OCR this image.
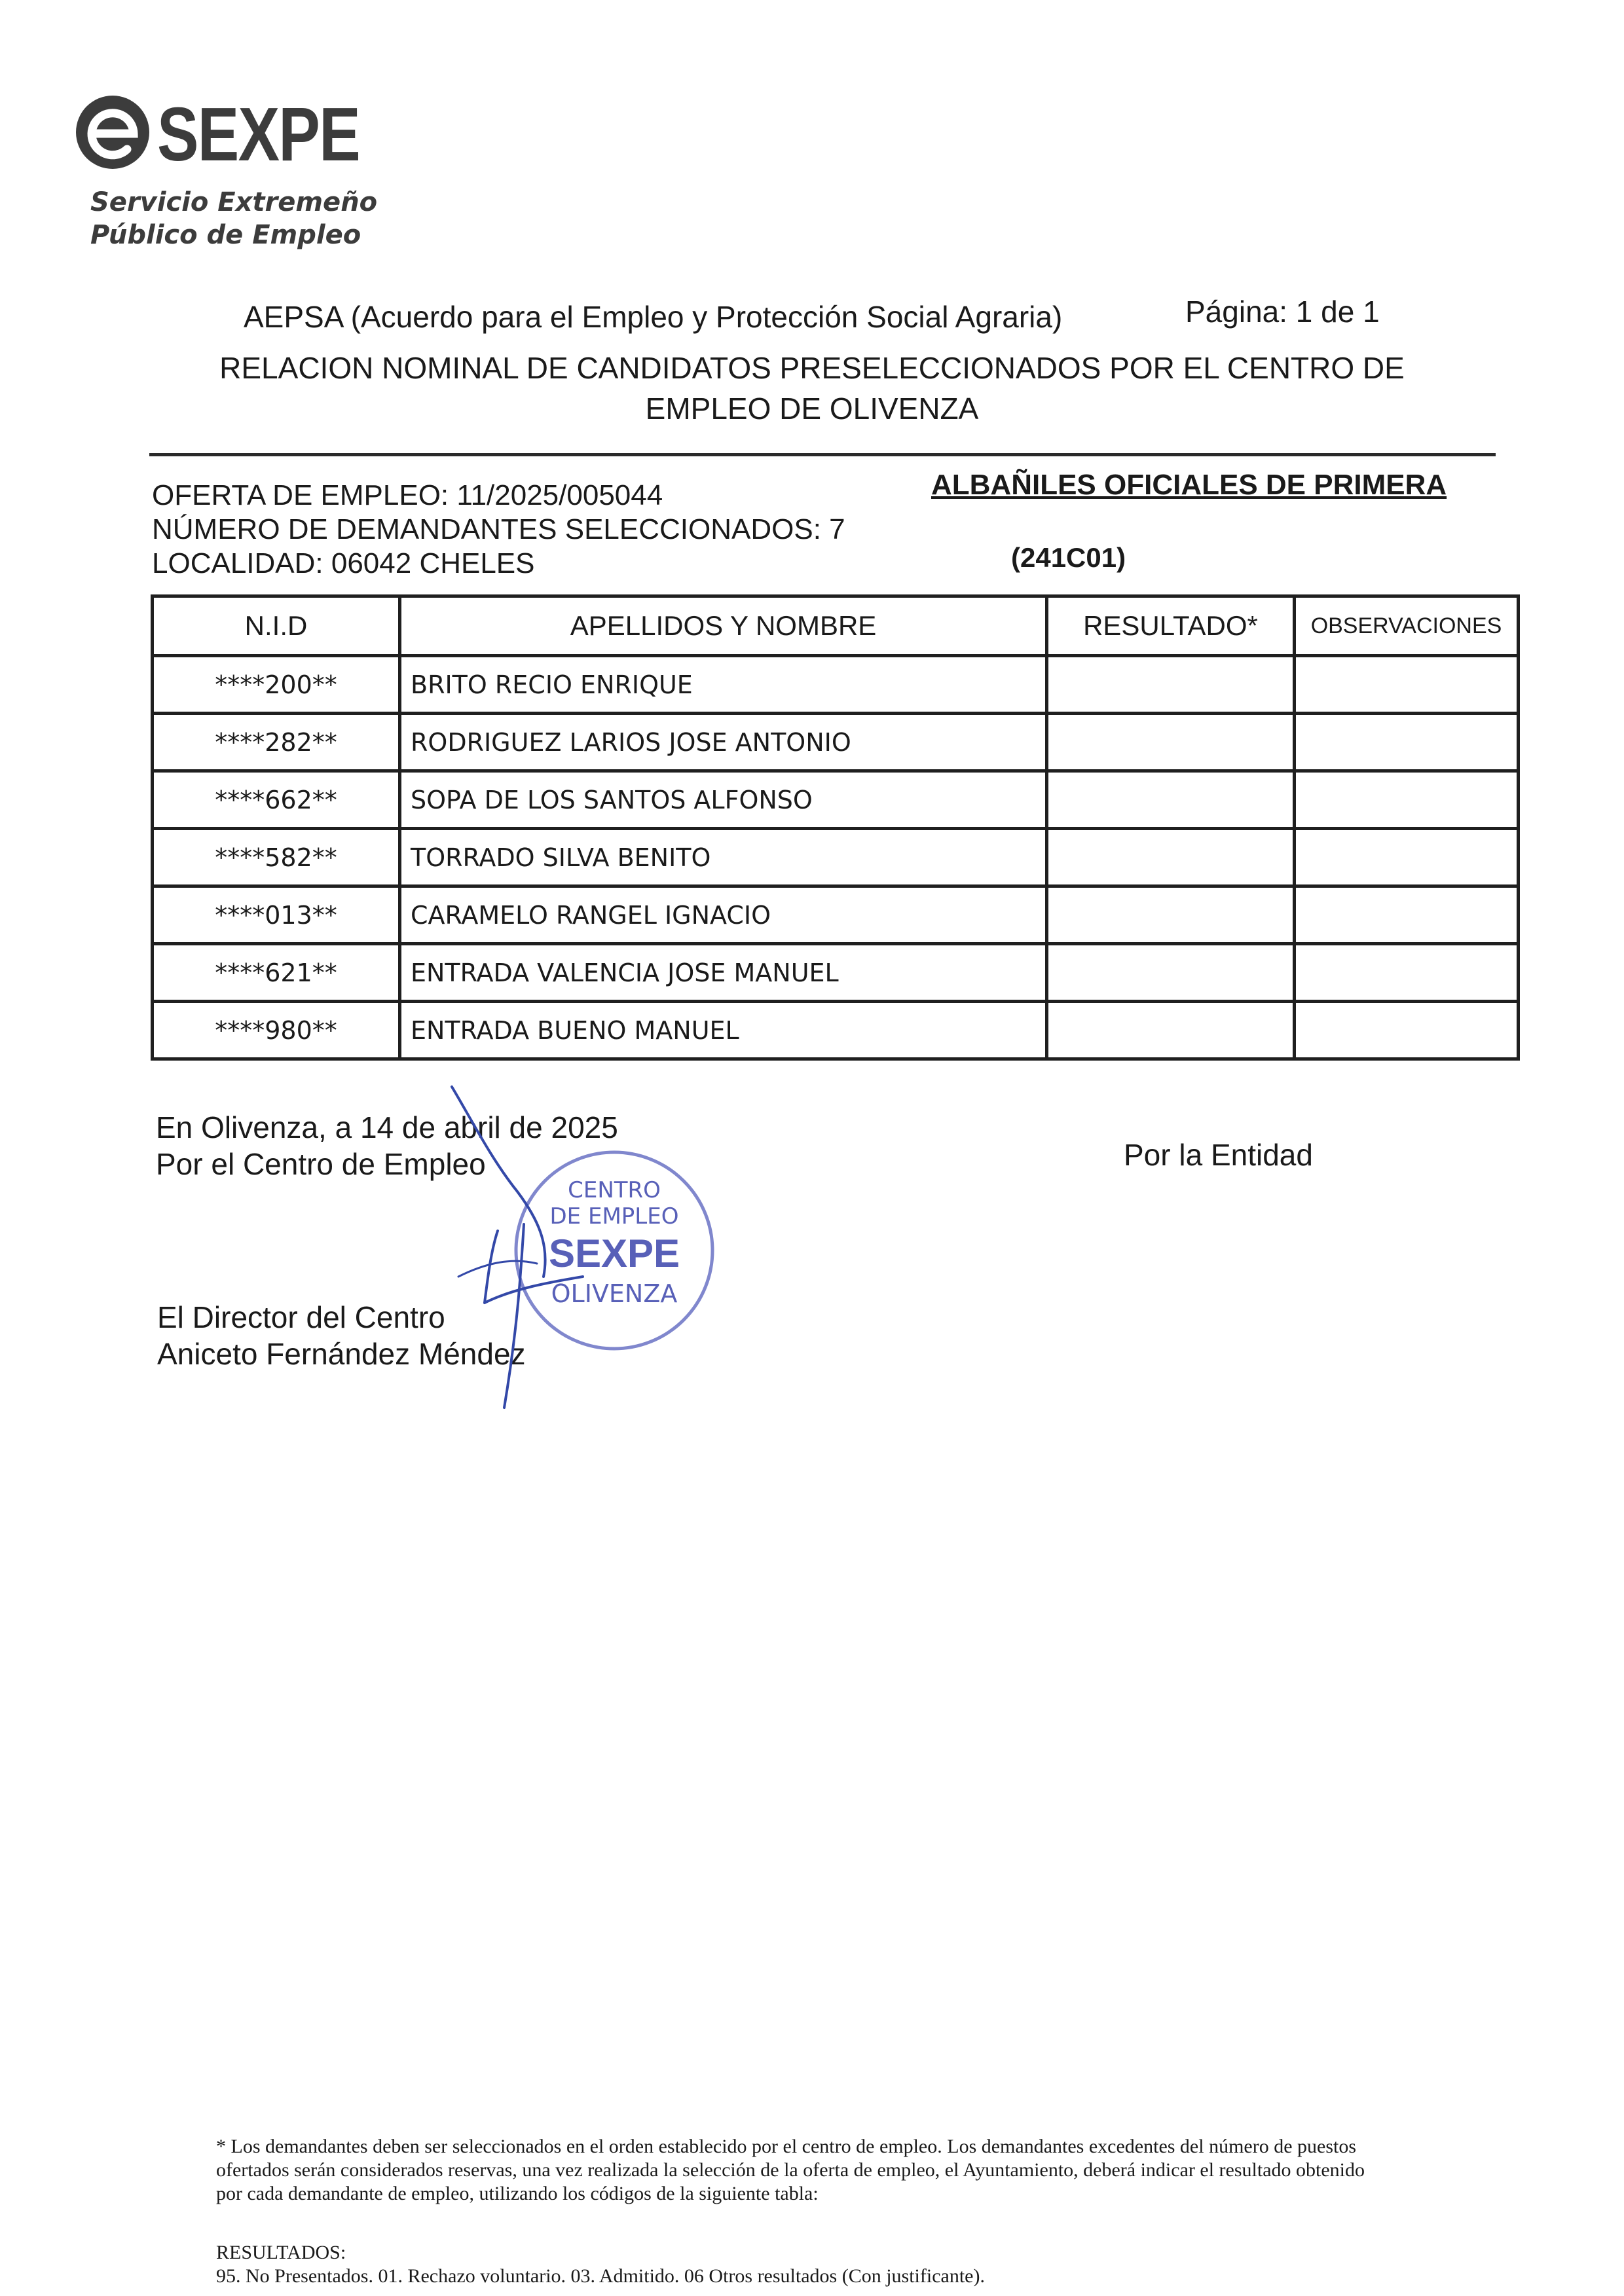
SEXPE
Servicio Extremeño
Público de Empleo
AEPSA (Acuerdo para el Empleo y Protección Social Agraria)	Página: 1 de 1
RELACION NOMINAL DE CANDIDATOS PRESELECCIONADOS POR EL CENTRO DE
EMPLEO DE OLIVENZA
OFERTA DE EMPLEO: 11/2025/005044
NÚMERO DE DEMANDANTES SELECCIONADOS: 7
LOCALIDAD: 06042 CHELES
ALBAÑILES OFICIALES DE PRIMERA
(241C01)
N.I.D	APELLIDOS Y NOMBRE	RESULTADO*	OBSERVACIONES
****200**	BRITO RECIO ENRIQUE		
****282**	RODRIGUEZ LARIOS JOSE ANTONIO		
****662**	SOPA DE LOS SANTOS ALFONSO		
****582**	TORRADO SILVA BENITO		
****013**	CARAMELO RANGEL IGNACIO		
****621**	ENTRADA VALENCIA JOSE MANUEL		
****980**	ENTRADA BUENO MANUEL		
En Olivenza, a 14 de abril de 2025
Por el Centro de Empleo	Por la Entidad
El Director del Centro
Aniceto Fernández Méndez
CENTRO
DE EMPLEO
SEXPE
OLIVENZA
* Los demandantes deben ser seleccionados en el orden establecido por el centro de empleo. Los demandantes excedentes del número de puestos
ofertados serán considerados reservas, una vez realizada la selección de la oferta de empleo, el Ayuntamiento, deberá indicar el resultado obtenido
por cada demandante de empleo, utilizando los códigos de la siguiente tabla:
RESULTADOS:
95. No Presentados. 01. Rechazo voluntario. 03. Admitido. 06 Otros resultados (Con justificante).
